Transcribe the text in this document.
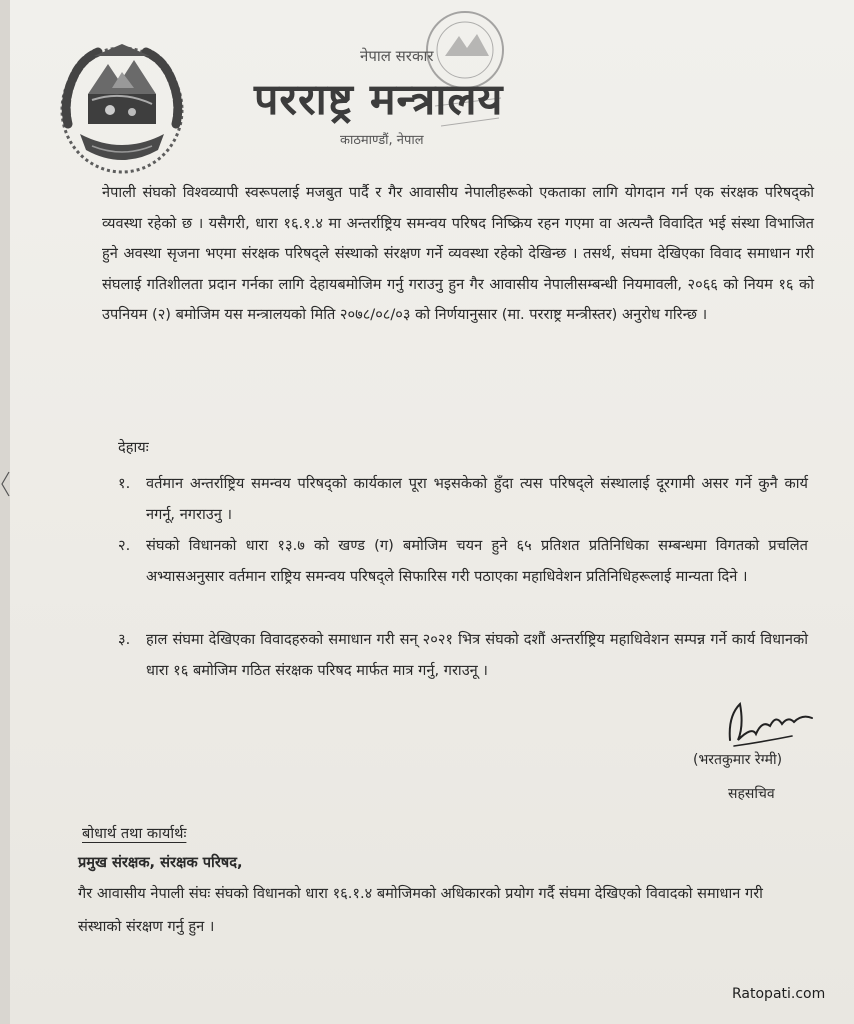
नेपाल सरकार
परराष्ट्र मन्त्रालय
काठमाण्डौं, नेपाल

नेपाली संघको विश्वव्यापी स्वरूपलाई मजबुत पार्दै र गैर आवासीय नेपालीहरूको एकताका लागि योगदान गर्न एक संरक्षक परिषद्को व्यवस्था रहेको छ । यसैगरी, धारा १६.१.४ मा अन्तर्राष्ट्रिय समन्वय परिषद निष्क्रिय रहन गएमा वा अत्यन्तै विवादित भई संस्था विभाजित हुने अवस्था सृजना भएमा संरक्षक परिषद्ले संस्थाको संरक्षण गर्ने व्यवस्था रहेको देखिन्छ । तसर्थ, संघमा देखिएका विवाद समाधान गरी संघलाई गतिशीलता प्रदान गर्नका लागि देहायबमोजिम गर्नु गराउनु हुन गैर आवासीय नेपालीसम्बन्धी नियमावली, २०६६ को नियम १६ को उपनियम (२) बमोजिम यस मन्त्रालयको मिति २०७८/०८/०३ को निर्णयानुसार (मा. परराष्ट्र मन्त्रीस्तर) अनुरोध गरिन्छ ।

देहायः

१. वर्तमान अन्तर्राष्ट्रिय समन्वय परिषद्को कार्यकाल पूरा भइसकेको हुँदा त्यस परिषद्ले संस्थालाई दूरगामी असर गर्ने कुनै कार्य नगर्नू, नगराउनु ।
२. संघको विधानको धारा १३.७ को खण्ड (ग) बमोजिम चयन हुने ६५ प्रतिशत प्रतिनिधिका सम्बन्धमा विगतको प्रचलित अभ्यासअनुसार वर्तमान राष्ट्रिय समन्वय परिषद्ले सिफारिस गरी पठाएका महाधिवेशन प्रतिनिधिहरूलाई मान्यता दिने ।
३. हाल संघमा देखिएका विवादहरुको समाधान गरी सन् २०२१ भित्र संघको दशौं अन्तर्राष्ट्रिय महाधिवेशन सम्पन्न गर्ने कार्य विधानको धारा १६ बमोजिम गठित संरक्षक परिषद मार्फत मात्र गर्नु, गराउनू ।
(भरतकुमार रेग्मी)
सहसचिव

बोधार्थ तथा कार्यार्थः

प्रमुख संरक्षक, संरक्षक परिषद,

गैर आवासीय नेपाली संघः संघको विधानको धारा १६.१.४ बमोजिमको अधिकारको प्रयोग गर्दै संघमा देखिएको विवादको समाधान गरी संस्थाको संरक्षण गर्नु हुन ।

Ratopati.com
